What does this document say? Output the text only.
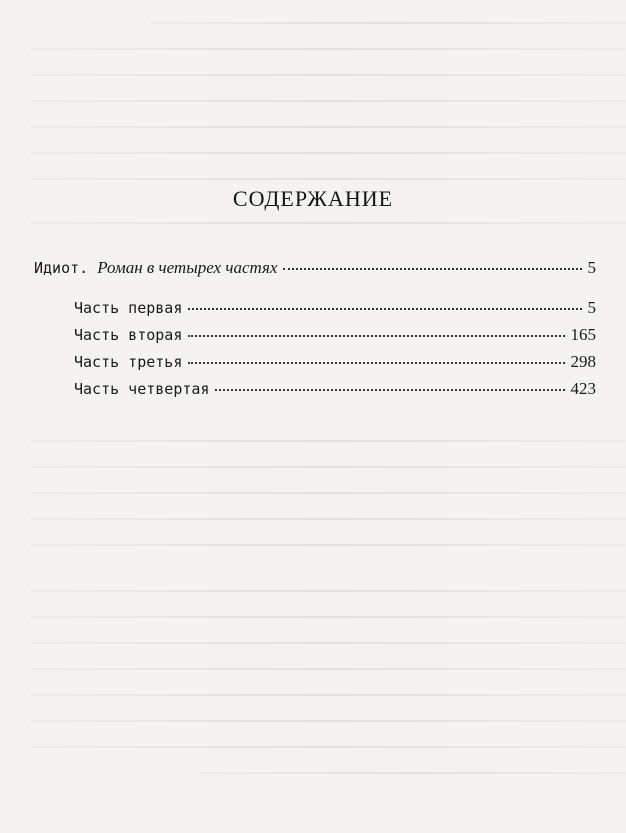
СОДЕРЖАНИЕ
Идиот. Роман в четырех частях	5
Часть первая	5
Часть вторая	165
Часть третья	298
Часть четвертая	423
